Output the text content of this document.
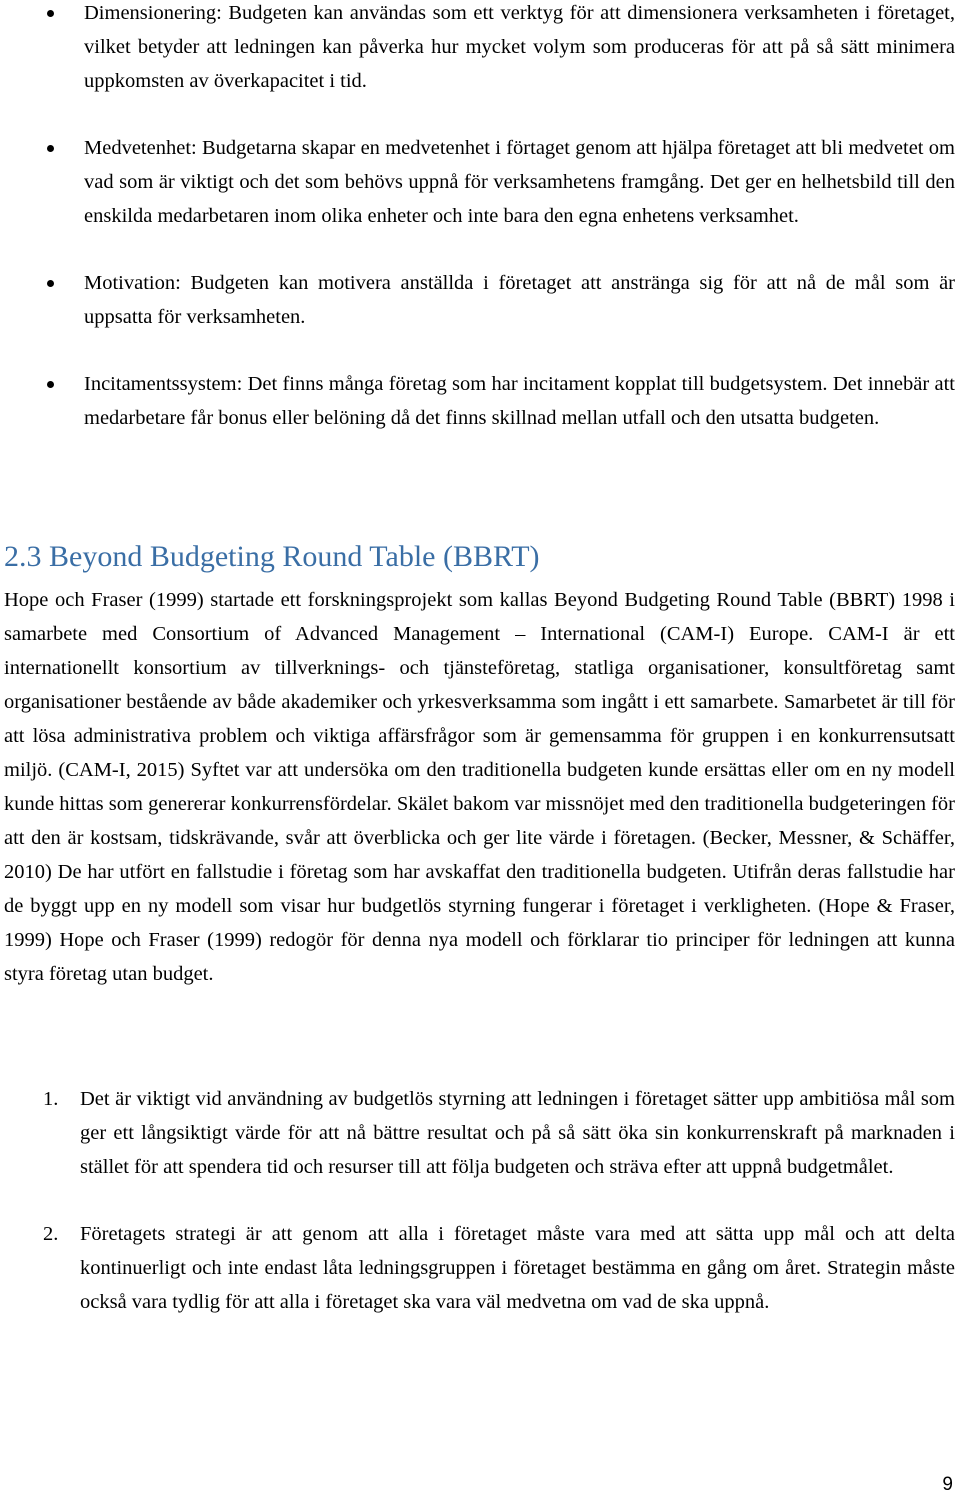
Dimensionering: Budgeten kan användas som ett verktyg för att dimensionera verksamheten i företaget, vilket betyder att ledningen kan påverka hur mycket volym som produceras för att på så sätt minimera uppkomsten av överkapacitet i tid.
Medvetenhet: Budgetarna skapar en medvetenhet i förtaget genom att hjälpa företaget att bli medvetet om vad som är viktigt och det som behövs uppnå för verksamhetens framgång. Det ger en helhetsbild till den enskilda medarbetaren inom olika enheter och inte bara den egna enhetens verksamhet.
Motivation: Budgeten kan motivera anställda i företaget att anstränga sig för att nå de mål som är uppsatta för verksamheten.
Incitamentssystem: Det finns många företag som har incitament kopplat till budgetsystem. Det innebär att medarbetare får bonus eller belöning då det finns skillnad mellan utfall och den utsatta budgeten.
2.3 Beyond Budgeting Round Table (BBRT)

Hope och Fraser (1999) startade ett forskningsprojekt som kallas Beyond Budgeting Round Table (BBRT) 1998 i samarbete med Consortium of Advanced Management – International (CAM-I) Europe. CAM-I är ett internationellt konsortium av tillverknings- och tjänsteföretag, statliga organisationer, konsultföretag samt organisationer bestående av både akademiker och yrkesverksamma som ingått i ett samarbete. Samarbetet är till för att lösa administrativa problem och viktiga affärsfrågor som är gemensamma för gruppen i en konkurrensutsatt miljö. (CAM-I, 2015) Syftet var att undersöka om den traditionella budgeten kunde ersättas eller om en ny modell kunde hittas som genererar konkurrensfördelar. Skälet bakom var missnöjet med den traditionella budgeteringen för att den är kostsam, tidskrävande, svår att överblicka och ger lite värde i företagen. (Becker, Messner, & Schäffer, 2010) De har utfört en fallstudie i företag som har avskaffat den traditionella budgeten. Utifrån deras fallstudie har de byggt upp en ny modell som visar hur budgetlös styrning fungerar i företaget i verkligheten. (Hope & Fraser, 1999) Hope och Fraser (1999) redogör för denna nya modell och förklarar tio principer för ledningen att kunna styra företag utan budget.

1. Det är viktigt vid användning av budgetlös styrning att ledningen i företaget sätter upp ambitiösa mål som ger ett långsiktigt värde för att nå bättre resultat och på så sätt öka sin konkurrenskraft på marknaden i stället för att spendera tid och resurser till att följa budgeten och sträva efter att uppnå budgetmålet.
2. Företagets strategi är att genom att alla i företaget måste vara med att sätta upp mål och att delta kontinuerligt och inte endast låta ledningsgruppen i företaget bestämma en gång om året. Strategin måste också vara tydlig för att alla i företaget ska vara väl medvetna om vad de ska uppnå.
9
